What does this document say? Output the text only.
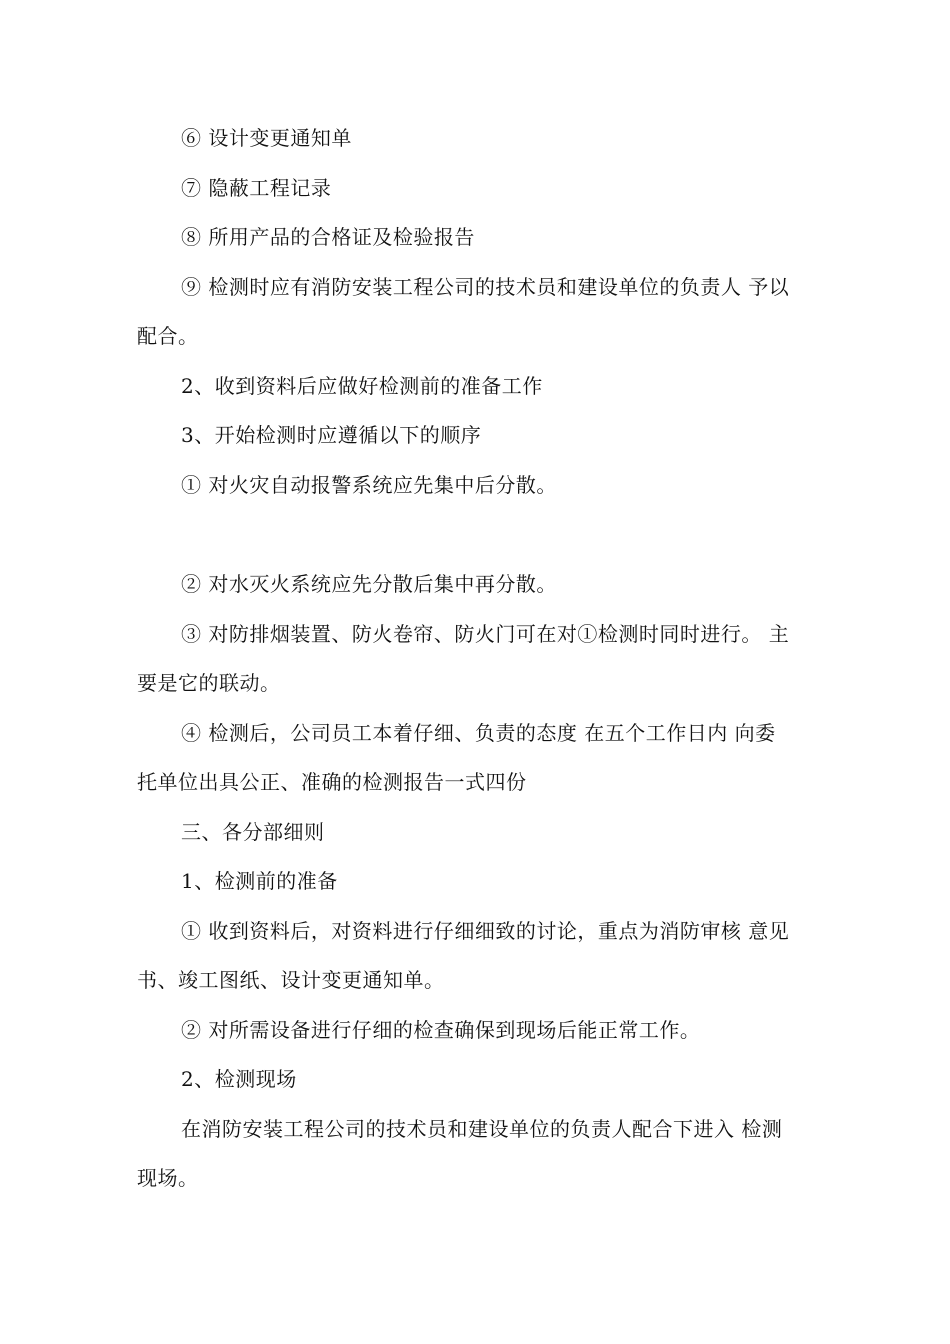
⑥ 设计变更通知单
⑦ 隐蔽工程记录
⑧ 所用产品的合格证及检验报告
⑨ 检测时应有消防安装工程公司的技术员和建设单位的负责人 予以
配合。
2、收到资料后应做好检测前的准备工作
3、开始检测时应遵循以下的顺序
① 对火灾自动报警系统应先集中后分散。
② 对水灭火系统应先分散后集中再分散。
③ 对防排烟装置、防火卷帘、防火门可在对①检测时同时进行。 主
要是它的联动。
④ 检测后，公司员工本着仔细、负责的态度 在五个工作日内 向委
托单位出具公正、准确的检测报告一式四份
三、各分部细则
1、检测前的准备
① 收到资料后，对资料进行仔细细致的讨论，重点为消防审核 意见
书、竣工图纸、设计变更通知单。
② 对所需设备进行仔细的检查确保到现场后能正常工作。
2、检测现场
在消防安装工程公司的技术员和建设单位的负责人配合下进入 检测
现场。
